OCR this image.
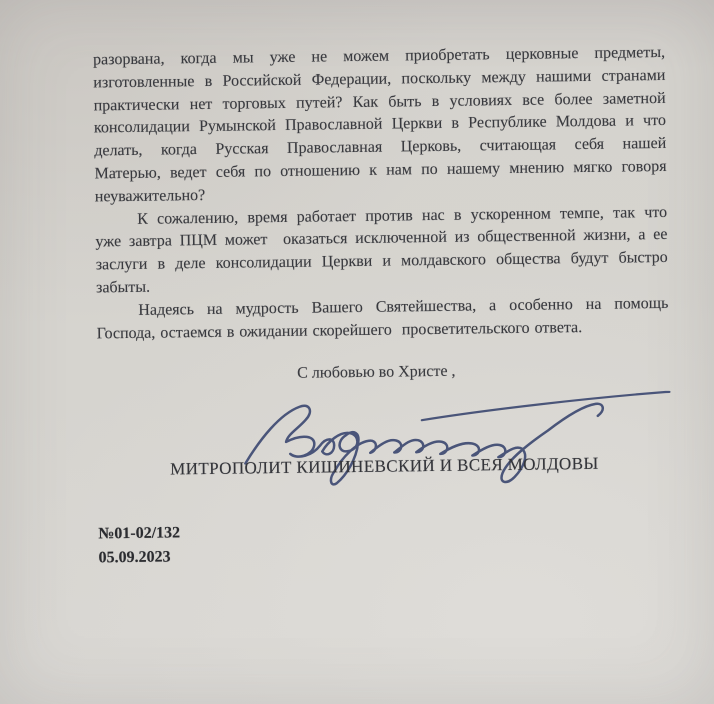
разорвана, когда мы уже не можем приобретать церковные предметы,
изготовленные в Российской Федерации, поскольку между нашими странами
практически нет торговых путей? Как быть в условиях все более заметной
консолидации Румынской Православной Церкви в Республике Молдова и что
делать, когда Русская Православная Церковь, считающая себя нашей
Матерью, ведет себя по отношению к нам по нашему мнению мягко говоря
неуважительно?
К сожалению, время работает против нас в ускоренном темпе, так что
уже завтра ПЦМ может  оказаться исключенной из общественной жизни, а ее
заслуги в деле консолидации Церкви и молдавского общества будут быстро
забыты.
Надеясь на мудрость Вашего Святейшества, а особенно на помощь
Господа, остаемся в ожидании скорейшего  просветительского ответа.
С любовью во Христе ,
МИТРОПОЛИТ КИШИНЕВСКИЙ И ВСЕЯ МОЛДОВЫ
№01-02/132
05.09.2023
